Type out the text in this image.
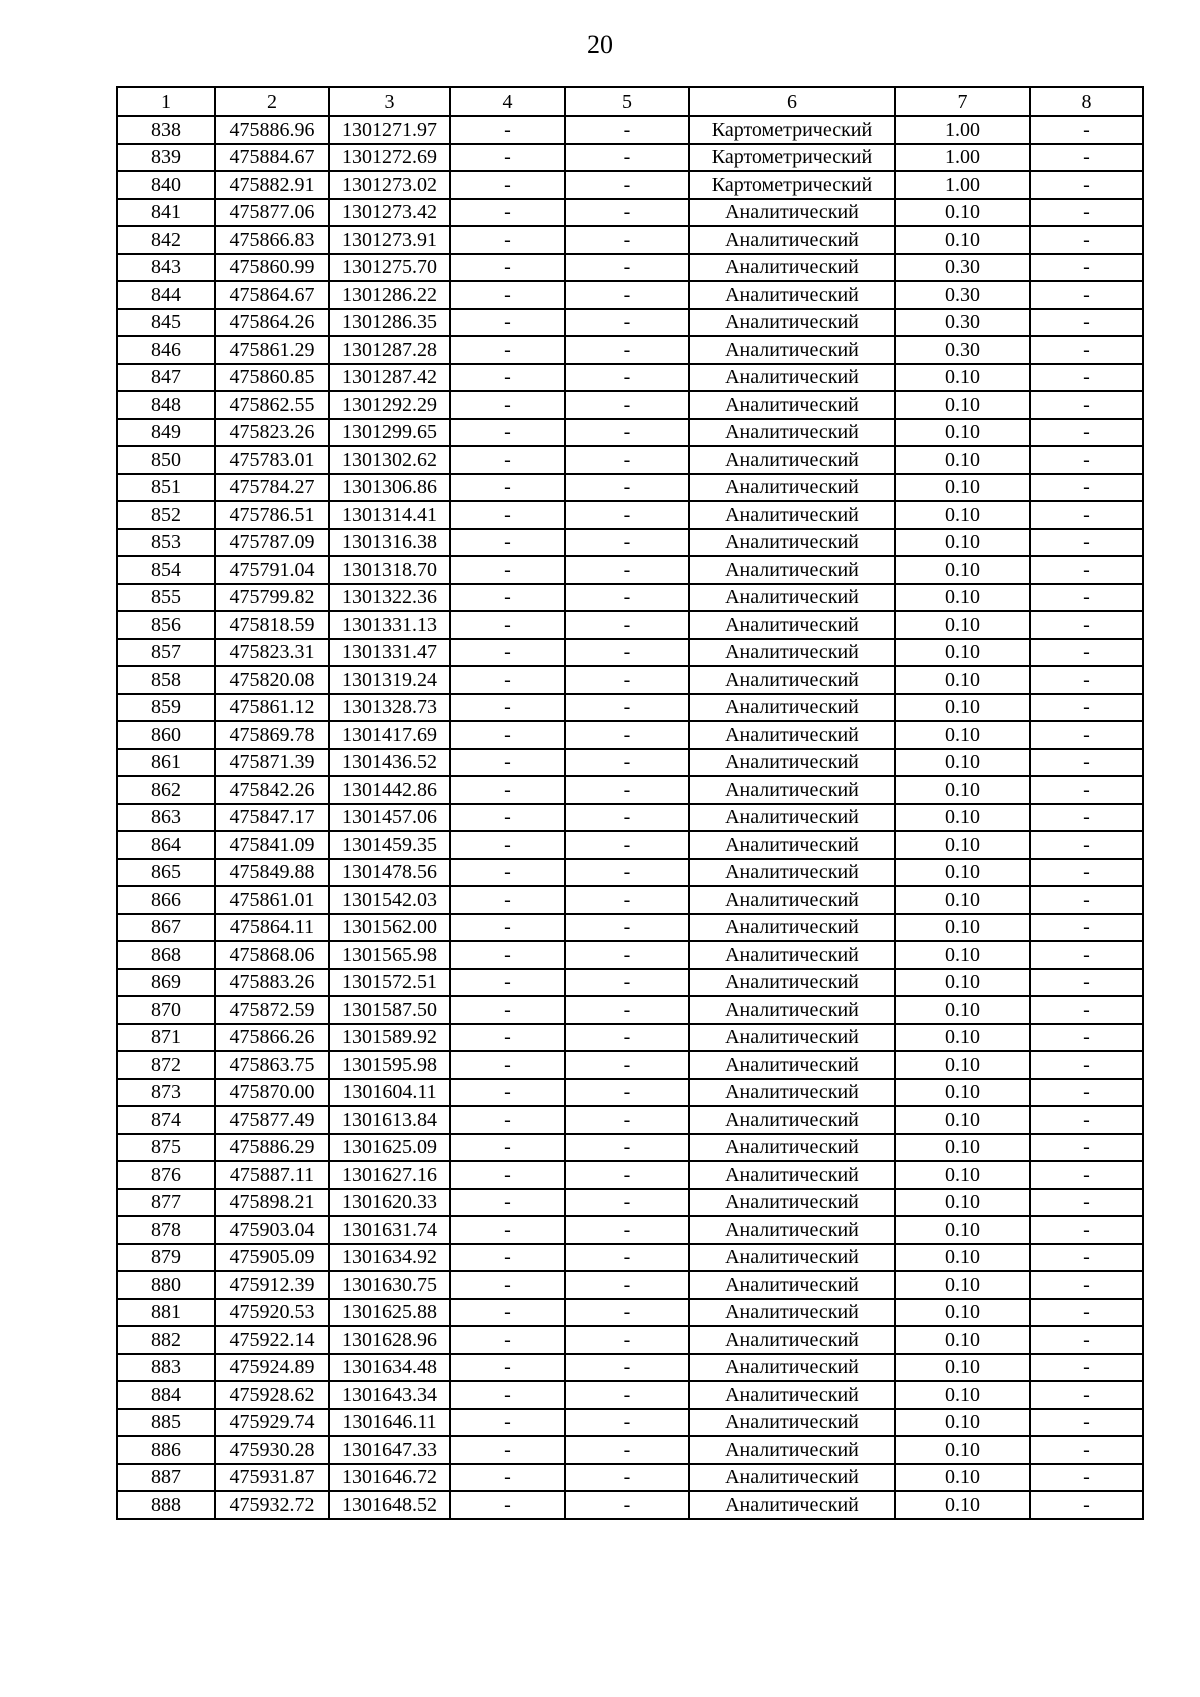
20
1	2	3	4	5	6	7	8
838	475886.96	1301271.97	-	-	Картометрический	1.00	-
839	475884.67	1301272.69	-	-	Картометрический	1.00	-
840	475882.91	1301273.02	-	-	Картометрический	1.00	-
841	475877.06	1301273.42	-	-	Аналитический	0.10	-
842	475866.83	1301273.91	-	-	Аналитический	0.10	-
843	475860.99	1301275.70	-	-	Аналитический	0.30	-
844	475864.67	1301286.22	-	-	Аналитический	0.30	-
845	475864.26	1301286.35	-	-	Аналитический	0.30	-
846	475861.29	1301287.28	-	-	Аналитический	0.30	-
847	475860.85	1301287.42	-	-	Аналитический	0.10	-
848	475862.55	1301292.29	-	-	Аналитический	0.10	-
849	475823.26	1301299.65	-	-	Аналитический	0.10	-
850	475783.01	1301302.62	-	-	Аналитический	0.10	-
851	475784.27	1301306.86	-	-	Аналитический	0.10	-
852	475786.51	1301314.41	-	-	Аналитический	0.10	-
853	475787.09	1301316.38	-	-	Аналитический	0.10	-
854	475791.04	1301318.70	-	-	Аналитический	0.10	-
855	475799.82	1301322.36	-	-	Аналитический	0.10	-
856	475818.59	1301331.13	-	-	Аналитический	0.10	-
857	475823.31	1301331.47	-	-	Аналитический	0.10	-
858	475820.08	1301319.24	-	-	Аналитический	0.10	-
859	475861.12	1301328.73	-	-	Аналитический	0.10	-
860	475869.78	1301417.69	-	-	Аналитический	0.10	-
861	475871.39	1301436.52	-	-	Аналитический	0.10	-
862	475842.26	1301442.86	-	-	Аналитический	0.10	-
863	475847.17	1301457.06	-	-	Аналитический	0.10	-
864	475841.09	1301459.35	-	-	Аналитический	0.10	-
865	475849.88	1301478.56	-	-	Аналитический	0.10	-
866	475861.01	1301542.03	-	-	Аналитический	0.10	-
867	475864.11	1301562.00	-	-	Аналитический	0.10	-
868	475868.06	1301565.98	-	-	Аналитический	0.10	-
869	475883.26	1301572.51	-	-	Аналитический	0.10	-
870	475872.59	1301587.50	-	-	Аналитический	0.10	-
871	475866.26	1301589.92	-	-	Аналитический	0.10	-
872	475863.75	1301595.98	-	-	Аналитический	0.10	-
873	475870.00	1301604.11	-	-	Аналитический	0.10	-
874	475877.49	1301613.84	-	-	Аналитический	0.10	-
875	475886.29	1301625.09	-	-	Аналитический	0.10	-
876	475887.11	1301627.16	-	-	Аналитический	0.10	-
877	475898.21	1301620.33	-	-	Аналитический	0.10	-
878	475903.04	1301631.74	-	-	Аналитический	0.10	-
879	475905.09	1301634.92	-	-	Аналитический	0.10	-
880	475912.39	1301630.75	-	-	Аналитический	0.10	-
881	475920.53	1301625.88	-	-	Аналитический	0.10	-
882	475922.14	1301628.96	-	-	Аналитический	0.10	-
883	475924.89	1301634.48	-	-	Аналитический	0.10	-
884	475928.62	1301643.34	-	-	Аналитический	0.10	-
885	475929.74	1301646.11	-	-	Аналитический	0.10	-
886	475930.28	1301647.33	-	-	Аналитический	0.10	-
887	475931.87	1301646.72	-	-	Аналитический	0.10	-
888	475932.72	1301648.52	-	-	Аналитический	0.10	-
